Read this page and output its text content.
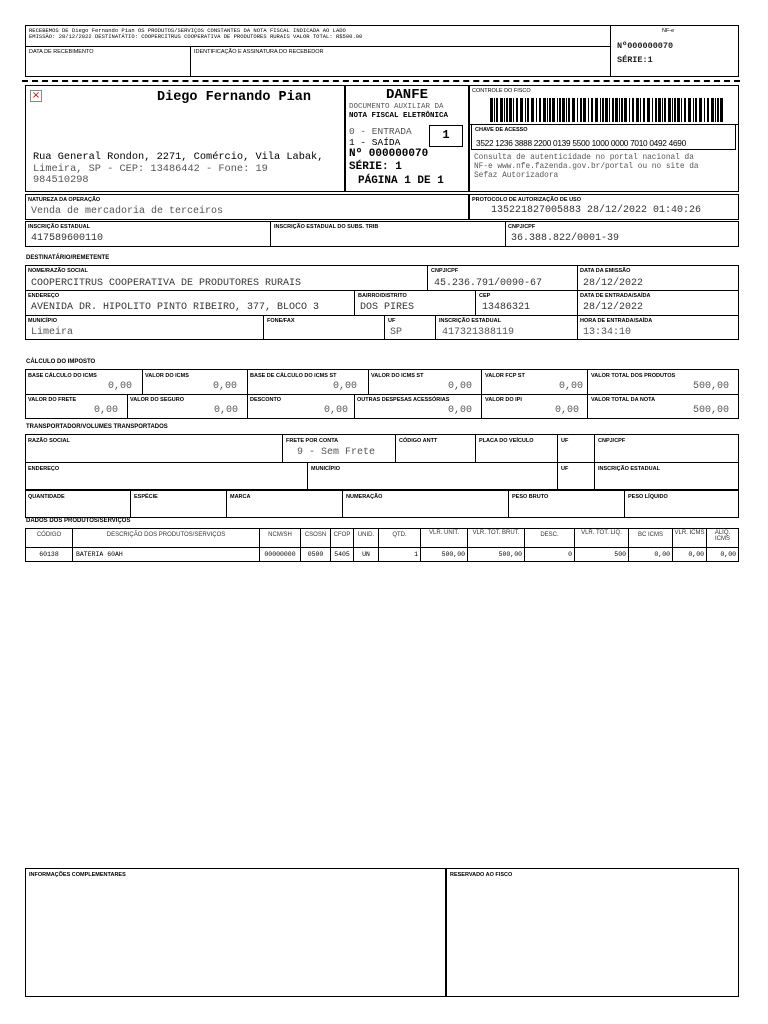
RECEBEMOS DE Diego Fernando Pian OS PRODUTOS/SERVIÇOS CONSTANTES DA NOTA FISCAL INDICADA AO LADO
EMISSÃO: 28/12/2022 DESTINATÁTIO: COOPERCITRUS COOPERATIVA DE PRODUTORES RURAIS VALOR TOTAL: R$500.00
DATA DE RECEBIMENTO	IDENTIFICAÇÃO E ASSINATURA DO RECEBEDOR
NF-e
Nº000000070
SÉRIE:1
×	Diego Fernando Pian
Rua General Rondon, 2271, Comércio, Vila Labak,
Limeira, SP - CEP: 13486442 - Fone: 19
984510298
DANFE
DOCUMENTO AUXILIAR DA
NOTA FISCAL ELETRÔNICA
0 - ENTRADA
1 - SAÍDA
1
Nº 000000070
SÉRIE: 1
PÁGINA 1 DE 1
CONTROLE DO FISCO
CHAVE DE ACESSO
3522 1236 3888 2200 0139 5500 1000 0000 7010 0492 4690
Consulta de autenticidade no portal nacional da
NF-e www.nfe.fazenda.gov.br/portal ou no site da
Sefaz Autorizadora
NATUREZA DA OPERAÇÃO
Venda de mercadoria de terceiros
PROTOCOLO DE AUTORIZAÇÃO DE USO
135221827005883 28/12/2022 01:40:26
INSCRIÇÃO ESTADUAL
417589600110
INSCRIÇÃO ESTADUAL DO SUBS. TRIB	CNPJ/CPF
36.388.822/0001-39
DESTINATÁRIO/REMETENTE
NOME/RAZÃO SOCIAL
COOPERCITRUS COOPERATIVA DE PRODUTORES RURAIS
CNPJ/CPF
45.236.791/0090-67
DATA DA EMISSÃO
28/12/2022
ENDEREÇO
AVENIDA DR. HIPOLITO PINTO RIBEIRO, 377, BLOCO 3
BAIRRO/DISTRITO
DOS PIRES
CEP
13486321
DATA DE ENTRADA/SAÍDA
28/12/2022
MUNICÍPIO
Limeira
FONE/FAX	UF
SP
INSCRIÇÃO ESTADUAL
417321388119
HORA DE ENTRADA/SAÍDA
13:34:10
CÁLCULO DO IMPOSTO
BASE CÁLCULO DO ICMS
0,00
VALOR DO ICMS
0,00
BASE DE CÁLCULO DO ICMS ST
0,00
VALOR DO ICMS ST
0,00
VALOR FCP ST
0,00
VALOR TOTAL DOS PRODUTOS
500,00
VALOR DO FRETE
0,00
VALOR DO SEGURO
0,00
DESCONTO
0,00
OUTRAS DESPESAS ACESSÓRIAS
0,00
VALOR DO IPI
0,00
VALOR TOTAL DA NOTA
500,00
TRANSPORTADOR/VOLUMES TRANSPORTADOS
RAZÃO SOCIAL	FRETE POR CONTA
9 - Sem Frete
CÓDIGO ANTT	PLACA DO VEÍCULO	UF	CNPJ/CPF
ENDEREÇO	MUNICÍPIO	UF	INSCRIÇÃO ESTADUAL
QUANTIDADE	ESPÉCIE	MARCA	NUMERAÇÃO	PESO BRUTO	PESO LÍQUIDO
DADOS DOS PRODUTOS/SERVIÇOS
CÓDIGO	DESCRIÇÃO DOS PRODUTOS/SERVIÇOS	NCM/SH	CSOSN	CFOP	UNID.	QTD.	VLR. UNIT.	VLR. TOT. BRUT.	DESC.	VLR. TOT. LÍQ.	BC ICMS	VLR. ICMS	ALÍQ. ICMS
60138	BATERIA 60AH	00000000	0500	5405	UN	1	500,00	500,00	0	500	0,00	0,00	0,00
INFORMAÇÕES COMPLEMENTARES	RESERVADO AO FISCO
